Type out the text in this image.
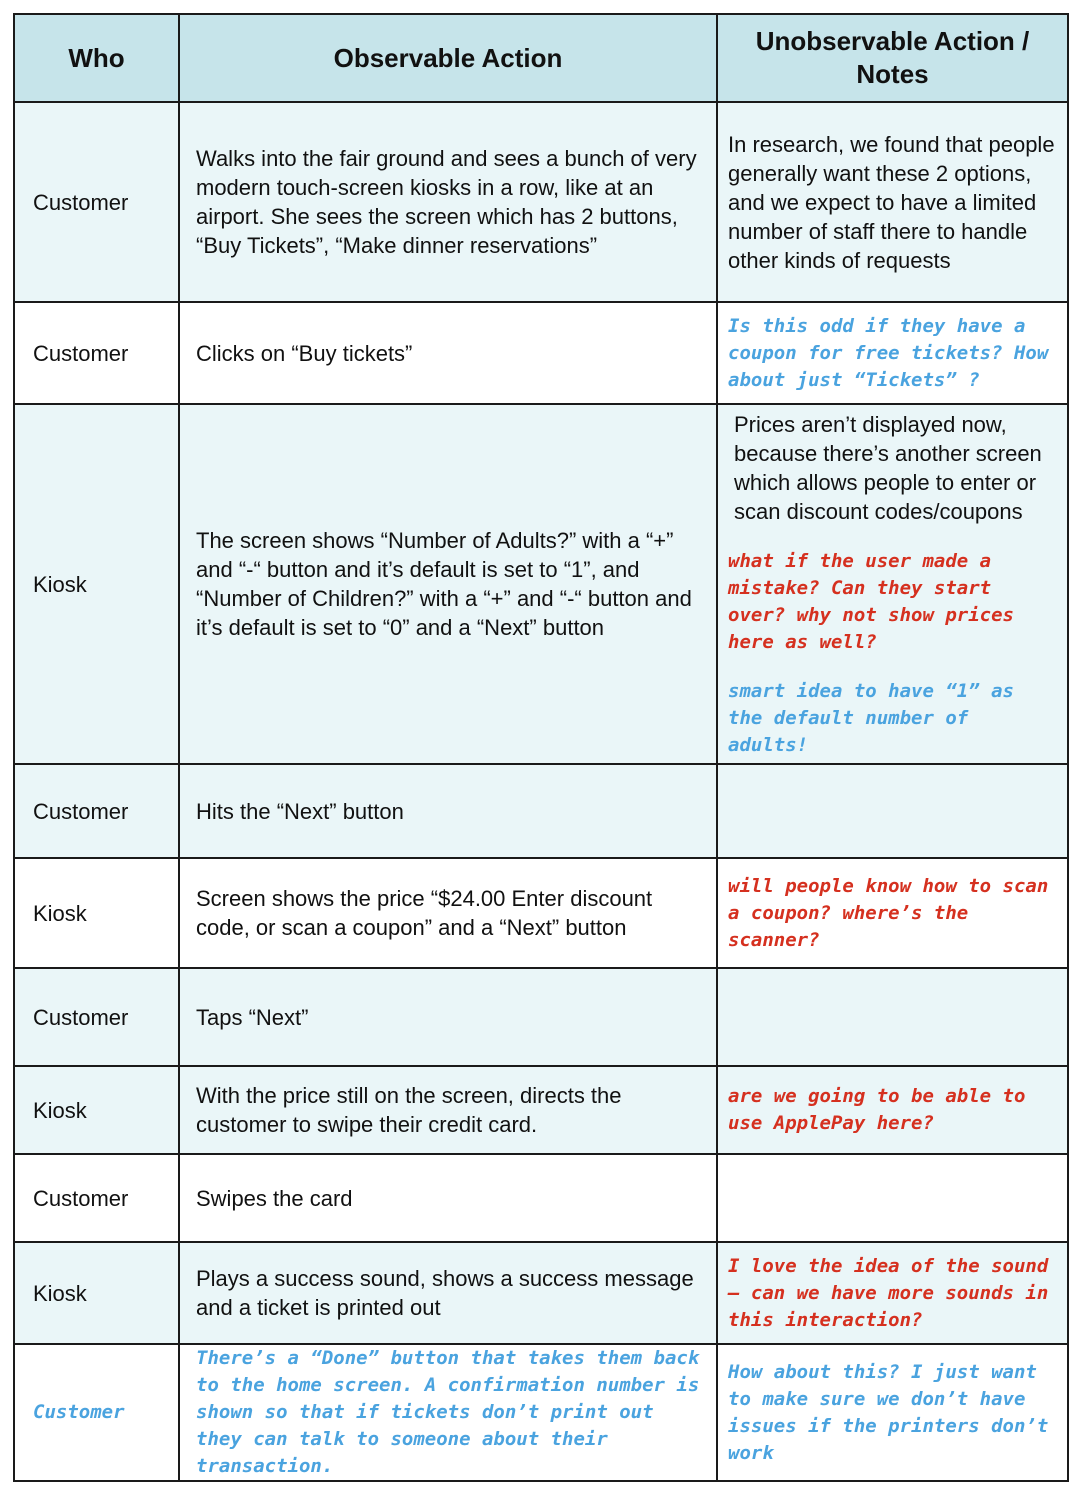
Who	Observable Action	Unobservable Action /
Notes
Customer	Walks into the fair ground and sees a bunch of very modern touch-screen kiosks in a row, like at an airport. She sees the screen which has 2 buttons, “Buy Tickets”, “Make dinner reservations”	In research, we found that people generally want these 2 options, and we expect to have a limited number of staff there to handle other kinds of requests

Customer	Clicks on “Buy tickets”	Is this odd if they have a coupon for free tickets? How about just “Tickets” ?

Kiosk	The screen shows “Number of Adults?” with a “+” and “-“ button and it’s default is set to “1”, and “Number of Children?” with a “+” and “-“ button and it’s default is set to “0” and a “Next” button	Prices aren’t displayed now, because there’s another screen which allows people to enter or scan discount codes/coupons
what if the user made a mistake? Can they start over? why not show prices here as well?
smart idea to have “1” as the default number of adults!

Customer	Hits the “Next” button	
Kiosk	Screen shows the price “$24.00 Enter discount code, or scan a coupon” and a “Next” button	will people know how to scan a coupon? where’s the scanner?

Customer	Taps “Next”	
Kiosk	With the price still on the screen, directs the customer to swipe their credit card.	are we going to be able to use ApplePay here?

Customer	Swipes the card	
Kiosk	Plays a success sound, shows a success message and a ticket is printed out	I love the idea of the sound — can we have more sounds in this interaction?

Customer	There’s a “Done” button that takes them back to the home screen. A confirmation number is shown so that if tickets don’t print out they can talk to someone about their transaction.	How about this? I just want to make sure we don’t have issues if the printers don’t work
